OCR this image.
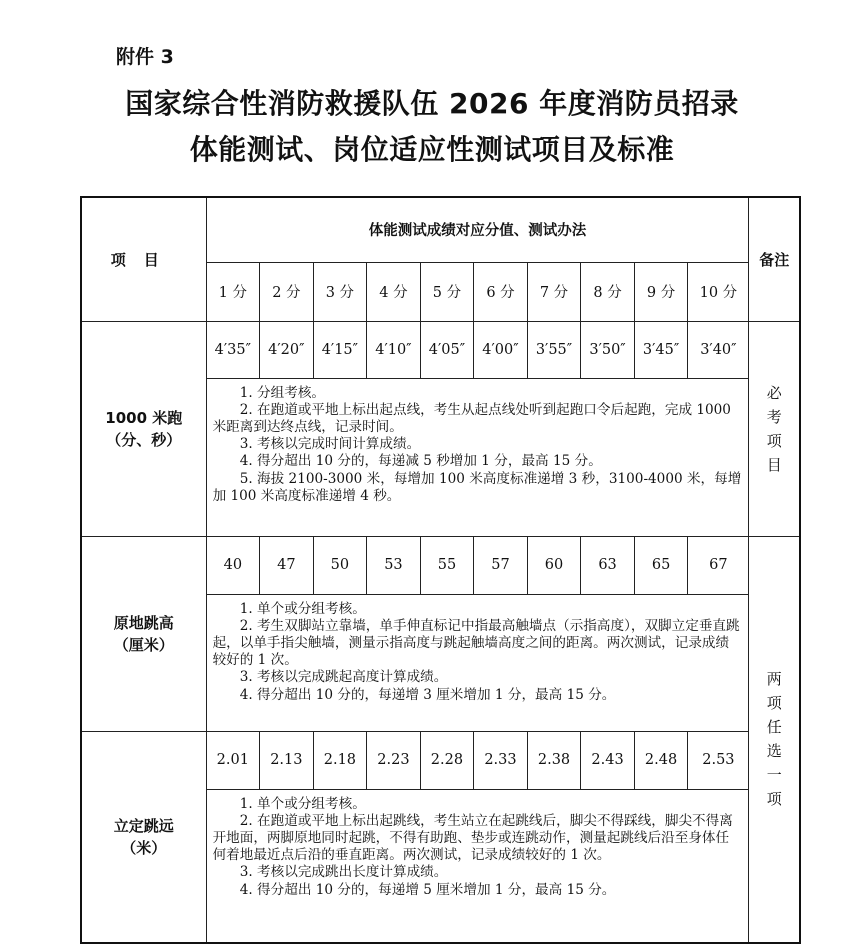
附件 3
国家综合性消防救援队伍 2026 年度消防员招录
体能测试、岗位适应性测试项目及标准
项目	体能测试成绩对应分值、测试办法										备注
	1 分	2 分	3 分	4 分	5 分	6 分	7 分	8 分	9 分	10 分	

1000 米跑
（分、秒）	4′35″	4′20″	4′15″	4′10″	4′05″	4′00″	3′55″	3′50″	3′45″	3′40″	必考项目

	1. 分组考核。

2. 在跑道或平地上标出起点线，考生从起点线处听到起跑口令后起跑，完成 1000 米距离到达终点线，记录时间。

3. 考核以完成时间计算成绩。

4. 得分超出 10 分的，每递减 5 秒增加 1 分，最高 15 分。

5. 海拔 2100-3000 米，每增加 100 米高度标准递增 3 秒，3100-4000 米，每增加 100 米高度标准递增 4 秒。										

原地跳高
（厘米）	40	47	50	53	55	57	60	63	65	67	两项任选一项

	1. 单个或分组考核。

2. 考生双脚站立靠墙，单手伸直标记中指最高触墙点（示指高度），双脚立定垂直跳起，以单手指尖触墙，测量示指高度与跳起触墙高度之间的距离。两次测试，记录成绩较好的 1 次。

3. 考核以完成跳起高度计算成绩。

4. 得分超出 10 分的，每递增 3 厘米增加 1 分，最高 15 分。										

立定跳远
（米）	2.01	2.13	2.18	2.23	2.28	2.33	2.38	2.43	2.48	2.53	

	1. 单个或分组考核。

2. 在跑道或平地上标出起跳线，考生站立在起跳线后，脚尖不得踩线，脚尖不得离开地面，两脚原地同时起跳，不得有助跑、垫步或连跳动作，测量起跳线后沿至身体任何着地最近点后沿的垂直距离。两次测试，记录成绩较好的 1 次。

3. 考核以完成跳出长度计算成绩。

4. 得分超出 10 分的，每递增 5 厘米增加 1 分，最高 15 分。										
